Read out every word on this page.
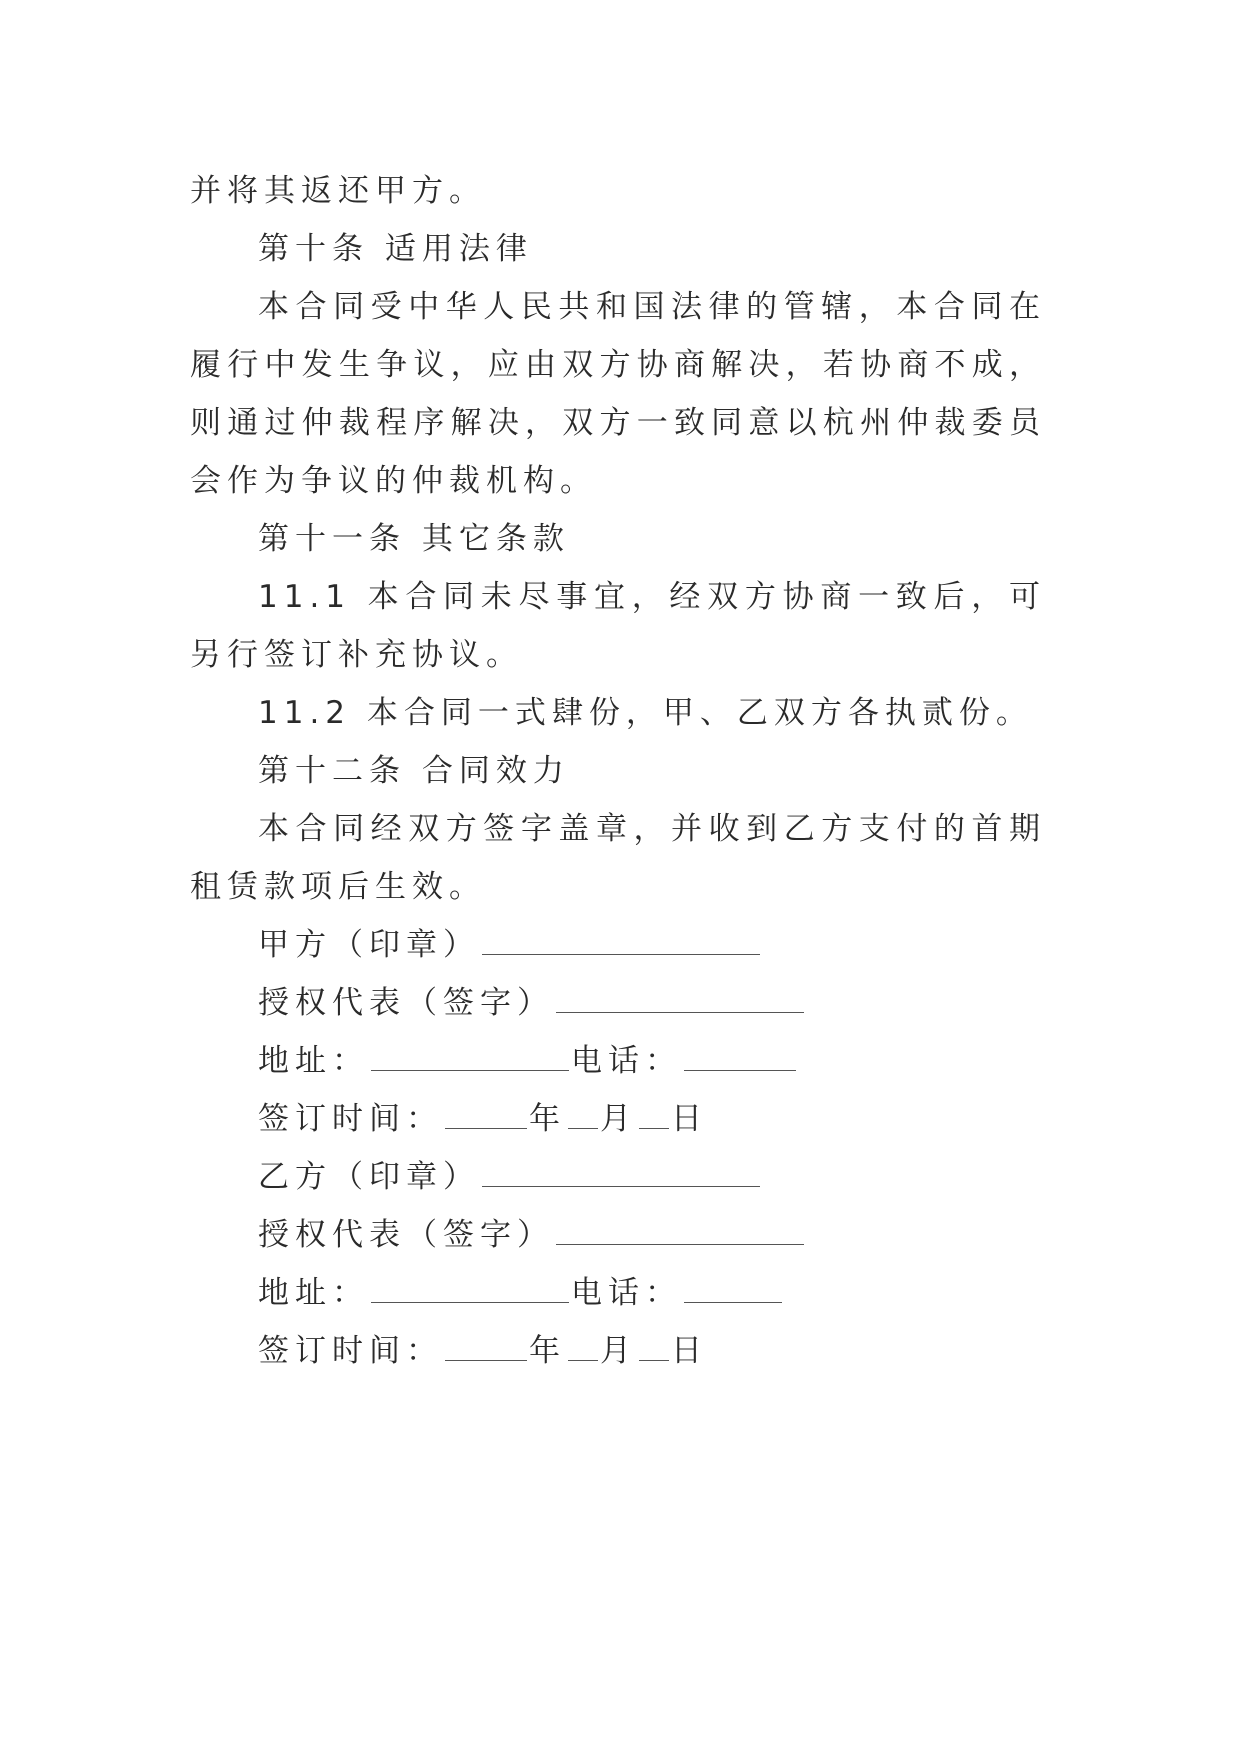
并将其返还甲方。

第十条 适用法律

本合同受中华人民共和国法律的管辖，本合同在履行中发生争议，应由双方协商解决，若协商不成，则通过仲裁程序解决，双方一致同意以杭州仲裁委员会作为争议的仲裁机构。

第十一条 其它条款

11.1 本合同未尽事宜，经双方协商一致后，可另行签订补充协议。

11.2 本合同一式肆份，甲、乙双方各执贰份。

第十二条 合同效力

本合同经双方签字盖章，并收到乙方支付的首期租赁款项后生效。

甲方（印章）

授权代表（签字）

地址：	电话：

签订时间：	年 月 日

乙方（印章）

授权代表（签字）

地址：	电话：

签订时间：	年 月 日
